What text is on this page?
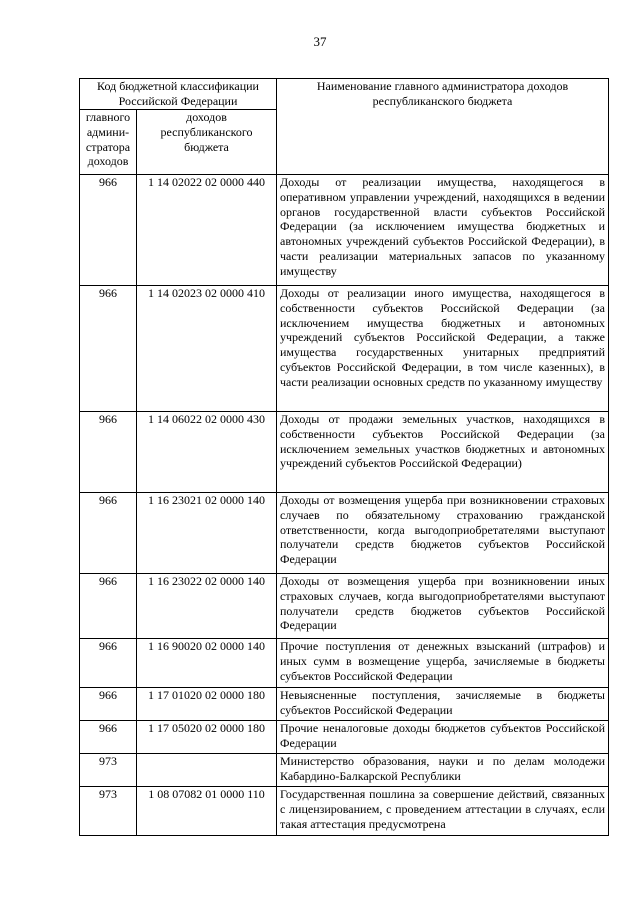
37
Код бюджетной классификации Российской Федерации		Наименование главного администратора доходов республиканского бюджета
главного админи-стратора доходов	доходов республиканского бюджета	
966	1 14 02022 02 0000 440	Доходы от реализации имущества, находящегося в оперативном управлении учреждений, находящихся в ведении органов государственной власти субъектов Российской Федерации (за исключением имущества бюджетных и автономных учреждений субъектов Российской Федерации), в части реализации материальных запасов по указанному имуществу
966	1 14 02023 02 0000 410	Доходы от реализации иного имущества, находящегося в собственности субъектов Российской Федерации (за исключением имущества бюджетных и автономных учреждений субъектов Российской Федерации, а также имущества государственных унитарных предприятий субъектов Российской Федерации, в том числе казенных), в части реализации основных средств по указанному имуществу
966	1 14 06022 02 0000 430	Доходы от продажи земельных участков, находящихся в собственности субъектов Российской Федерации (за исключением земельных участков бюджетных и автономных учреждений субъектов Российской Федерации)
966	1 16 23021 02 0000 140	Доходы от возмещения ущерба при возникновении страховых случаев по обязательному страхованию гражданской ответственности, когда выгодоприобретателями выступают получатели средств бюджетов субъектов Российской Федерации
966	1 16 23022 02 0000 140	Доходы от возмещения ущерба при возникновении иных страховых случаев, когда выгодоприобретателями выступают получатели средств бюджетов субъектов Российской Федерации
966	1 16 90020 02 0000 140	Прочие поступления от денежных взысканий (штрафов) и иных сумм в возмещение ущерба, зачисляемые в бюджеты субъектов Российской Федерации
966	1 17 01020 02 0000 180	Невыясненные поступления, зачисляемые в бюджеты субъектов Российской Федерации
966	1 17 05020 02 0000 180	Прочие неналоговые доходы бюджетов субъектов Российской Федерации
973		Министерство образования, науки и по делам молодежи Кабардино-Балкарской Республики
973	1 08 07082 01 0000 110	Государственная пошлина за совершение действий, связанных с лицензированием, с проведением аттестации в случаях, если такая аттестация предусмотрена
